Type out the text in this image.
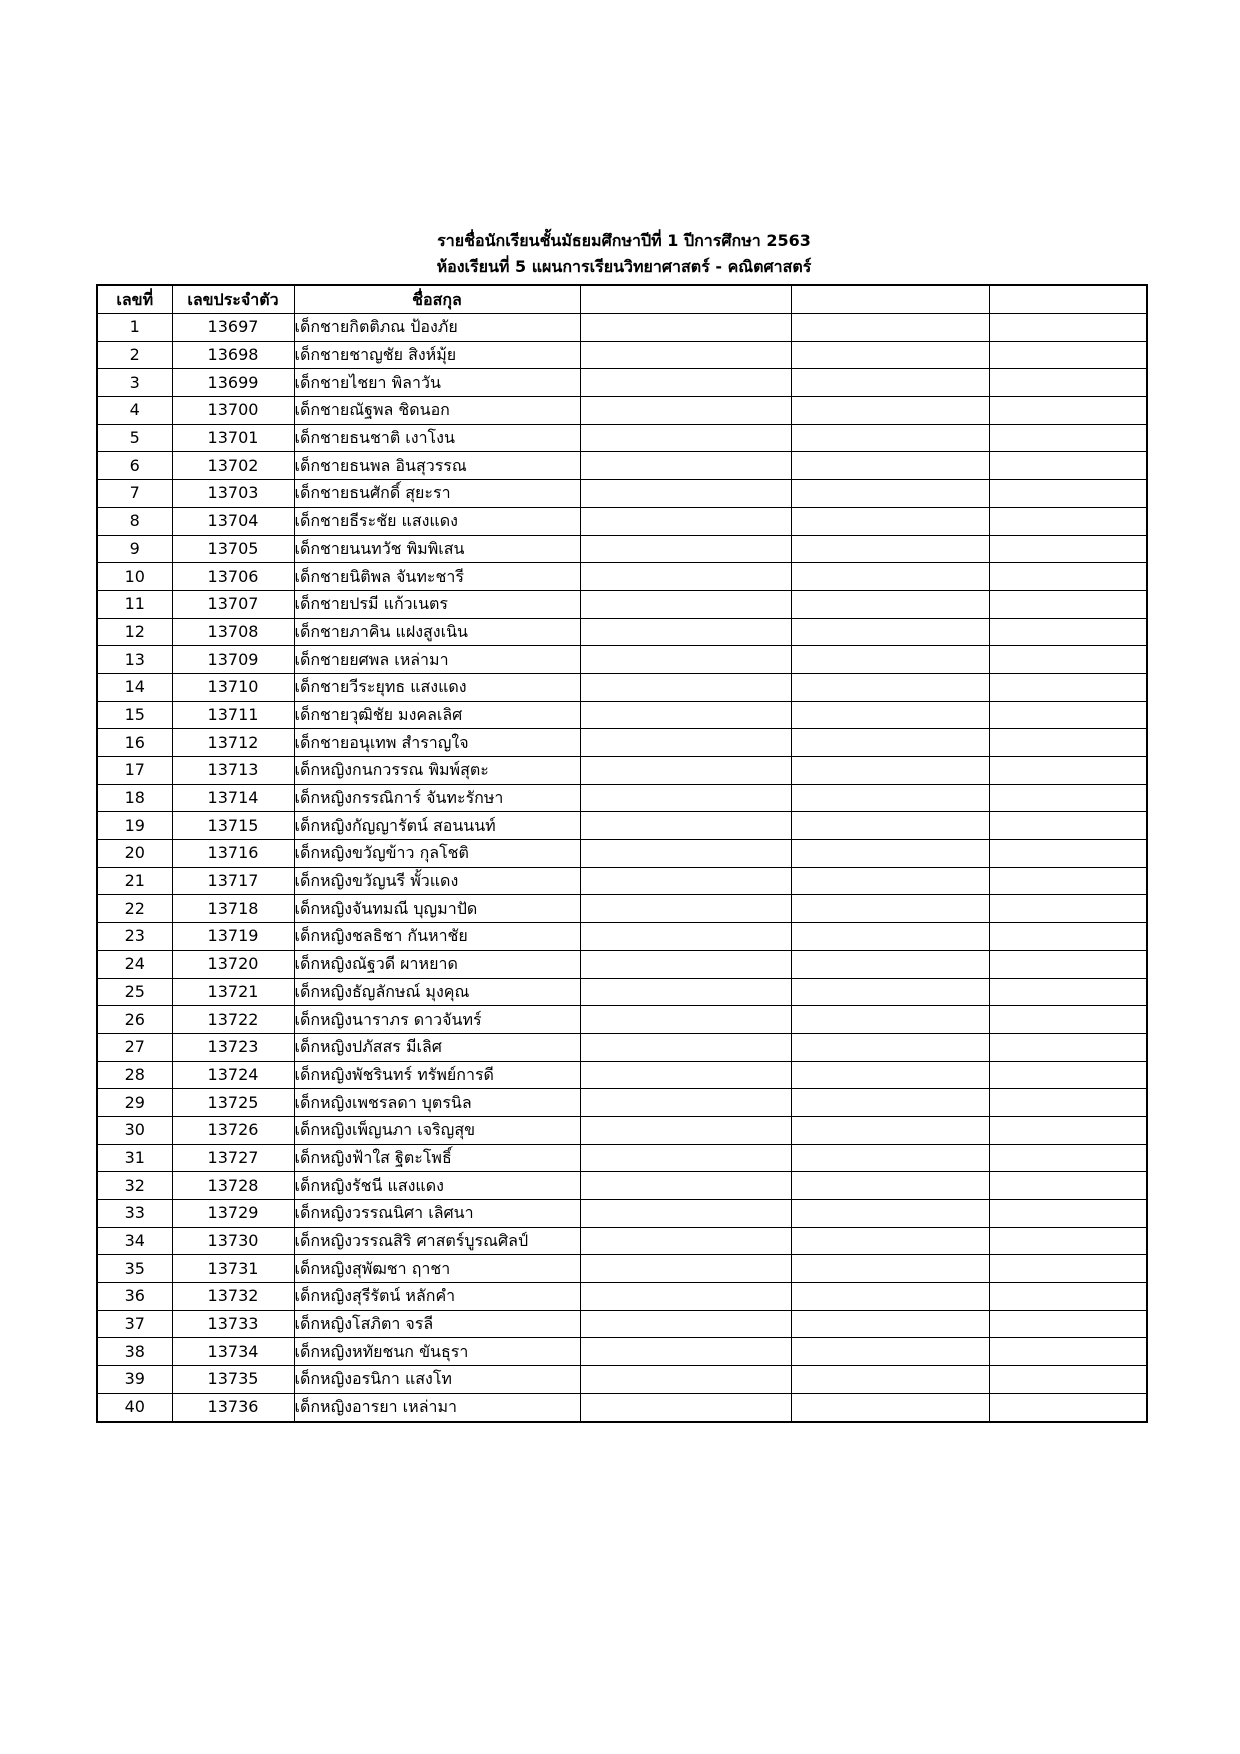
รายชื่อนักเรียนชั้นมัธยมศึกษาปีที่ 1 ปีการศึกษา 2563
ห้องเรียนที่ 5 แผนการเรียนวิทยาศาสตร์ - คณิตศาสตร์
เลขที่	เลขประจำตัว	ชื่อสกุล			
1	13697	เด็กชายกิตติภณ ป้องภัย			
2	13698	เด็กชายชาญชัย สิงห์มุ้ย			
3	13699	เด็กชายไชยา พิลาวัน			
4	13700	เด็กชายณัฐพล ชิดนอก			
5	13701	เด็กชายธนชาติ เงาโงน			
6	13702	เด็กชายธนพล อินสุวรรณ			
7	13703	เด็กชายธนศักดิ์ สุยะรา			
8	13704	เด็กชายธีระชัย แสงแดง			
9	13705	เด็กชายนนทวัช พิมพิเสน			
10	13706	เด็กชายนิติพล จันทะชารี			
11	13707	เด็กชายปรมี แก้วเนตร			
12	13708	เด็กชายภาคิน แฝงสูงเนิน			
13	13709	เด็กชายยศพล เหล่ามา			
14	13710	เด็กชายวีระยุทธ แสงแดง			
15	13711	เด็กชายวุฒิชัย มงคลเลิศ			
16	13712	เด็กชายอนุเทพ สำราญใจ			
17	13713	เด็กหญิงกนกวรรณ พิมพ์สุตะ			
18	13714	เด็กหญิงกรรณิการ์ จันทะรักษา			
19	13715	เด็กหญิงกัญญารัตน์ สอนนนท์			
20	13716	เด็กหญิงขวัญข้าว กุลโชติ			
21	13717	เด็กหญิงขวัญนรี พั้วแดง			
22	13718	เด็กหญิงจันทมณี บุญมาปัด			
23	13719	เด็กหญิงชลธิชา กันหาชัย			
24	13720	เด็กหญิงณัฐวดี ผาหยาด			
25	13721	เด็กหญิงธัญลักษณ์ มุงคุณ			
26	13722	เด็กหญิงนาราภร ดาวจันทร์			
27	13723	เด็กหญิงปภัสสร มีเลิศ			
28	13724	เด็กหญิงพัชรินทร์ ทรัพย์การดี			
29	13725	เด็กหญิงเพชรลดา บุตรนิล			
30	13726	เด็กหญิงเพ็ญนภา เจริญสุข			
31	13727	เด็กหญิงฟ้าใส ฐิตะโพธิ์			
32	13728	เด็กหญิงรัชนี แสงแดง			
33	13729	เด็กหญิงวรรณนิศา เลิศนา			
34	13730	เด็กหญิงวรรณสิริ ศาสตร์บูรณศิลป์			
35	13731	เด็กหญิงสุพัฒชา ฤาชา			
36	13732	เด็กหญิงสุรีรัตน์ หลักคำ			
37	13733	เด็กหญิงโสภิตา จรลี			
38	13734	เด็กหญิงหทัยชนก ขันธุรา			
39	13735	เด็กหญิงอรนิกา แสงโท			
40	13736	เด็กหญิงอารยา เหล่ามา			
